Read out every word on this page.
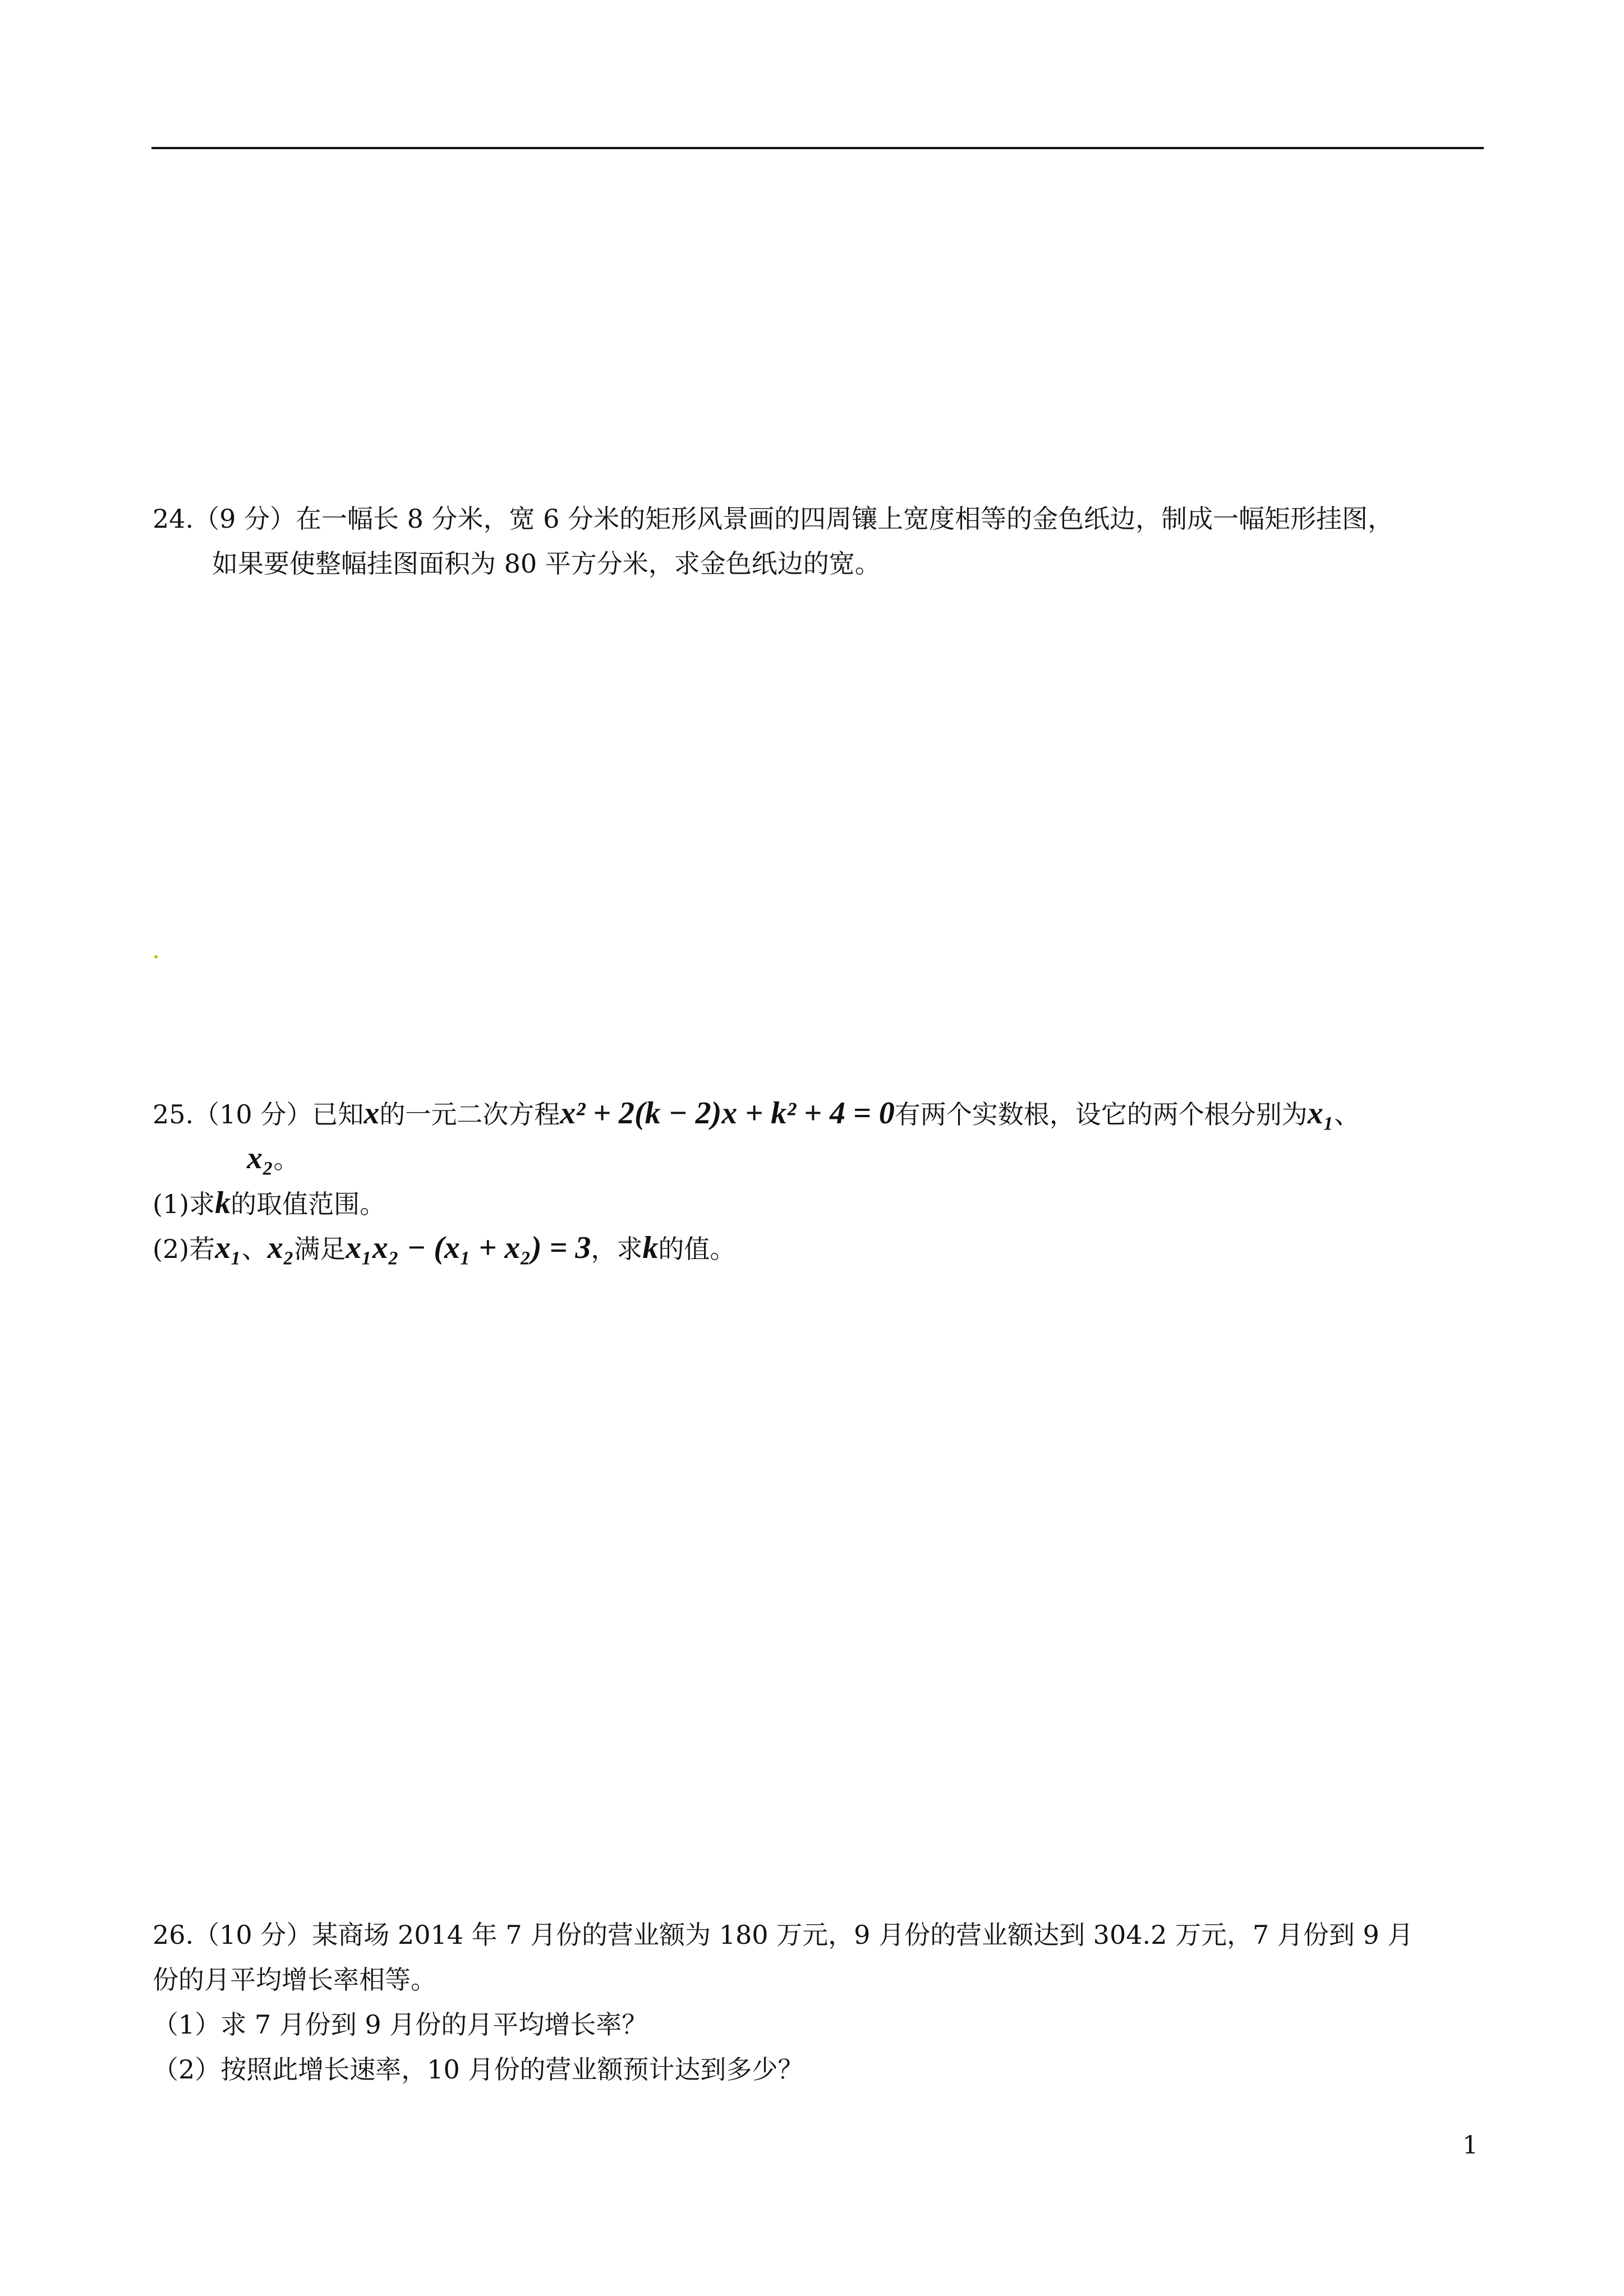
24.（9 分）在一幅长 8 分米，宽 6 分米的矩形风景画的四周镶上宽度相等的金色纸边，制成一幅矩形挂图，
如果要使整幅挂图面积为 80 平方分米，求金色纸边的宽。
25.（10 分）已知x的一元二次方程x² + 2(k − 2)x + k² + 4 = 0有两个实数根，设它的两个根分别为x₁、
x₂。
(1)求k的取值范围。
(2)若x₁、x₂满足x₁x₂ − (x₁ + x₂) = 3，求k的值。
26.（10 分）某商场 2014 年 7 月份的营业额为 180 万元，9 月份的营业额达到 304.2 万元，7 月份到 9 月
份的月平均增长率相等。
（1）求 7 月份到 9 月份的月平均增长率？
（2）按照此增长速率，10 月份的营业额预计达到多少？
1
